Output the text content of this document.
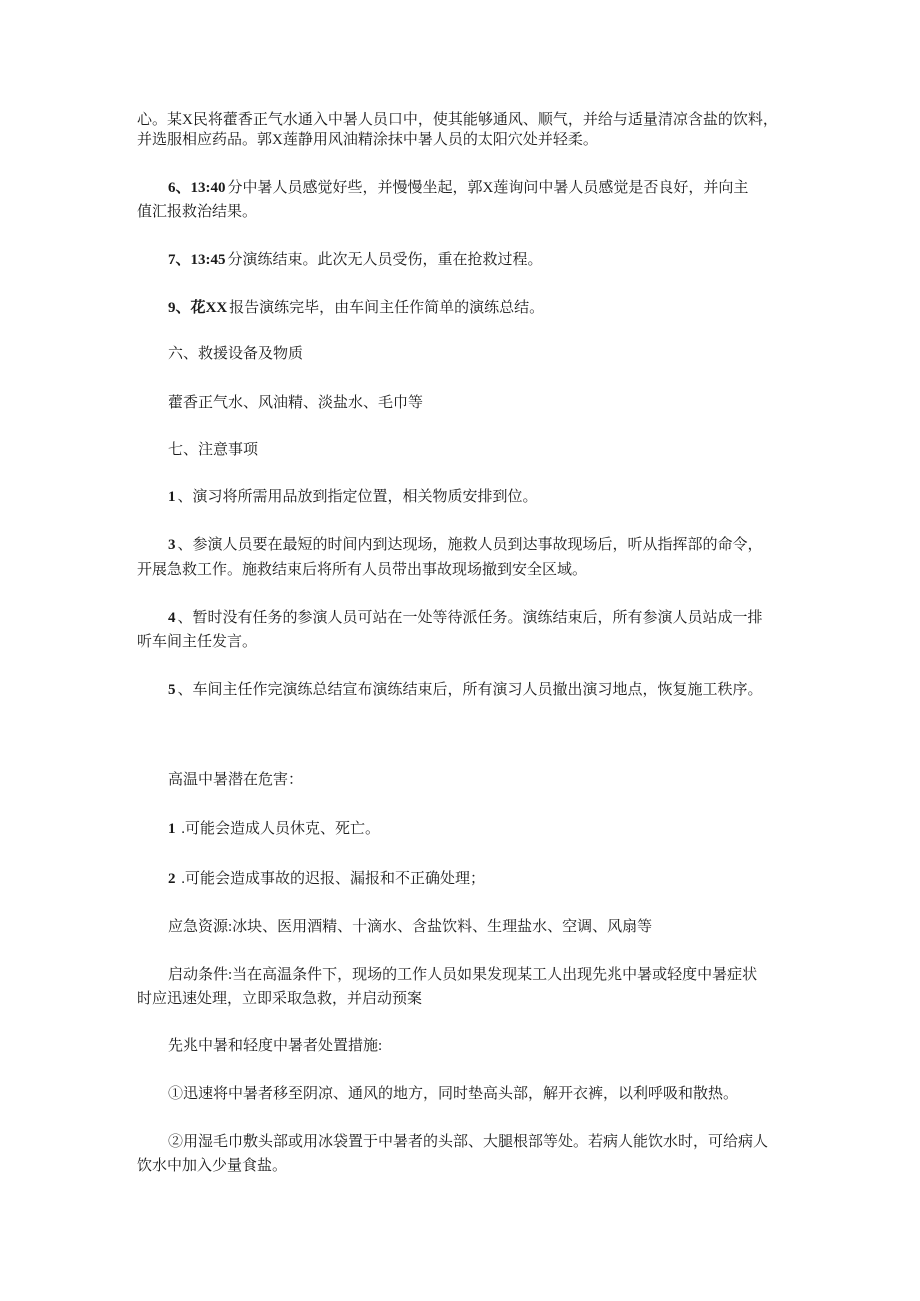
心。某X民将藿香正气水通入中暑人员口中，使其能够通风、顺气，并给与适量清凉含盐的饮料，
并选服相应药品。郭X莲静用风油精涂抹中暑人员的太阳穴处并轻柔。
6、13:40 分中暑人员感觉好些，并慢慢坐起，郭X莲询问中暑人员感觉是否良好，并向主
值汇报救治结果。
7、13:45 分演练结束。此次无人员受伤，重在抢救过程。
9、花XX 报告演练完毕，由车间主任作简单的演练总结。
六、救援设备及物质
藿香正气水、风油精、淡盐水、毛巾等
七、注意事项
1 、演习将所需用品放到指定位置，相关物质安排到位。
3 、参演人员要在最短的时间内到达现场，施救人员到达事故现场后，听从指挥部的命令，
开展急救工作。施救结束后将所有人员带出事故现场撤到安全区域。
4 、暂时没有任务的参演人员可站在一处等待派任务。演练结束后，所有参演人员站成一排
听车间主任发言。
5 、车间主任作完演练总结宣布演练结束后，所有演习人员撤出演习地点，恢复施工秩序。
高温中暑潜在危害：
1 .可能会造成人员休克、死亡。
2 .可能会造成事故的迟报、漏报和不正确处理；
应急资源:冰块、医用酒精、十滴水、含盐饮料、生理盐水、空调、风扇等
启动条件:当在高温条件下，现场的工作人员如果发现某工人出现先兆中暑或轻度中暑症状
时应迅速处理，立即采取急救，并启动预案
先兆中暑和轻度中暑者处置措施:
①迅速将中暑者移至阴凉、通风的地方，同时垫高头部，解开衣裤，以利呼吸和散热。
②用湿毛巾敷头部或用冰袋置于中暑者的头部、大腿根部等处。若病人能饮水时，可给病人
饮水中加入少量食盐。
